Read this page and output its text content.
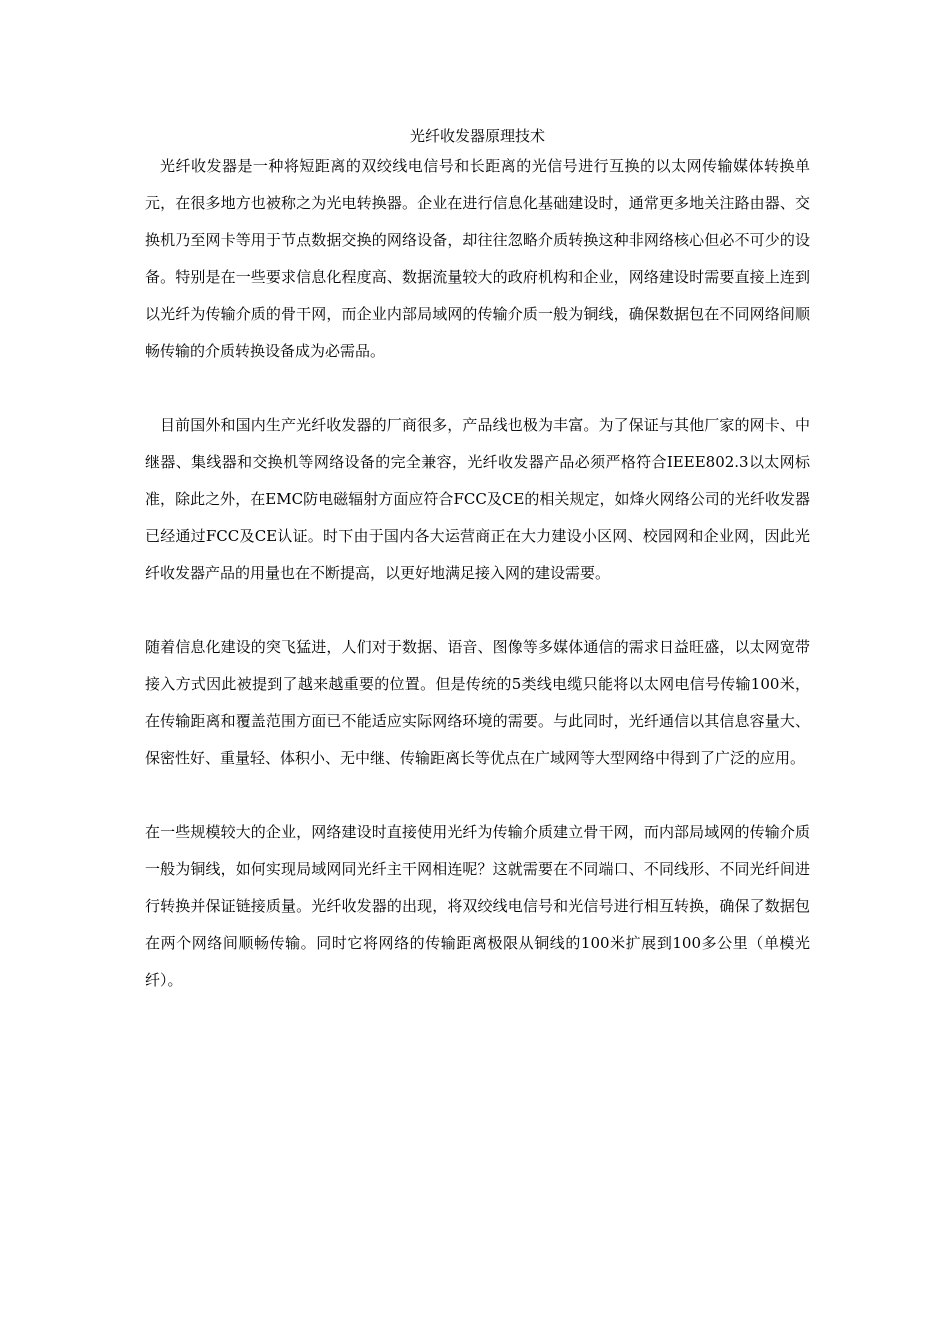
光纤收发器原理技术

光纤收发器是一种将短距离的双绞线电信号和长距离的光信号进行互换的以太网传输媒体转换单元，在很多地方也被称之为光电转换器。企业在进行信息化基础建设时，通常更多地关注路由器、交换机乃至网卡等用于节点数据交换的网络设备，却往往忽略介质转换这种非网络核心但必不可少的设备。特别是在一些要求信息化程度高、数据流量较大的政府机构和企业，网络建设时需要直接上连到以光纤为传输介质的骨干网，而企业内部局域网的传输介质一般为铜线，确保数据包在不同网络间顺畅传输的介质转换设备成为必需品。

目前国外和国内生产光纤收发器的厂商很多，产品线也极为丰富。为了保证与其他厂家的网卡、中继器、集线器和交换机等网络设备的完全兼容，光纤收发器产品必须严格符合IEEE802.3以太网标准，除此之外，在EMC防电磁辐射方面应符合FCC及CE的相关规定，如烽火网络公司的光纤收发器已经通过FCC及CE认证。时下由于国内各大运营商正在大力建设小区网、校园网和企业网，因此光纤收发器产品的用量也在不断提高，以更好地满足接入网的建设需要。

随着信息化建设的突飞猛进，人们对于数据、语音、图像等多媒体通信的需求日益旺盛，以太网宽带接入方式因此被提到了越来越重要的位置。但是传统的5类线电缆只能将以太网电信号传输100米，在传输距离和覆盖范围方面已不能适应实际网络环境的需要。与此同时，光纤通信以其信息容量大、保密性好、重量轻、体积小、无中继、传输距离长等优点在广域网等大型网络中得到了广泛的应用。

在一些规模较大的企业，网络建设时直接使用光纤为传输介质建立骨干网，而内部局域网的传输介质一般为铜线，如何实现局域网同光纤主干网相连呢？这就需要在不同端口、不同线形、不同光纤间进行转换并保证链接质量。光纤收发器的出现，将双绞线电信号和光信号进行相互转换，确保了数据包在两个网络间顺畅传输。同时它将网络的传输距离极限从铜线的100米扩展到100多公里（单模光纤）。
